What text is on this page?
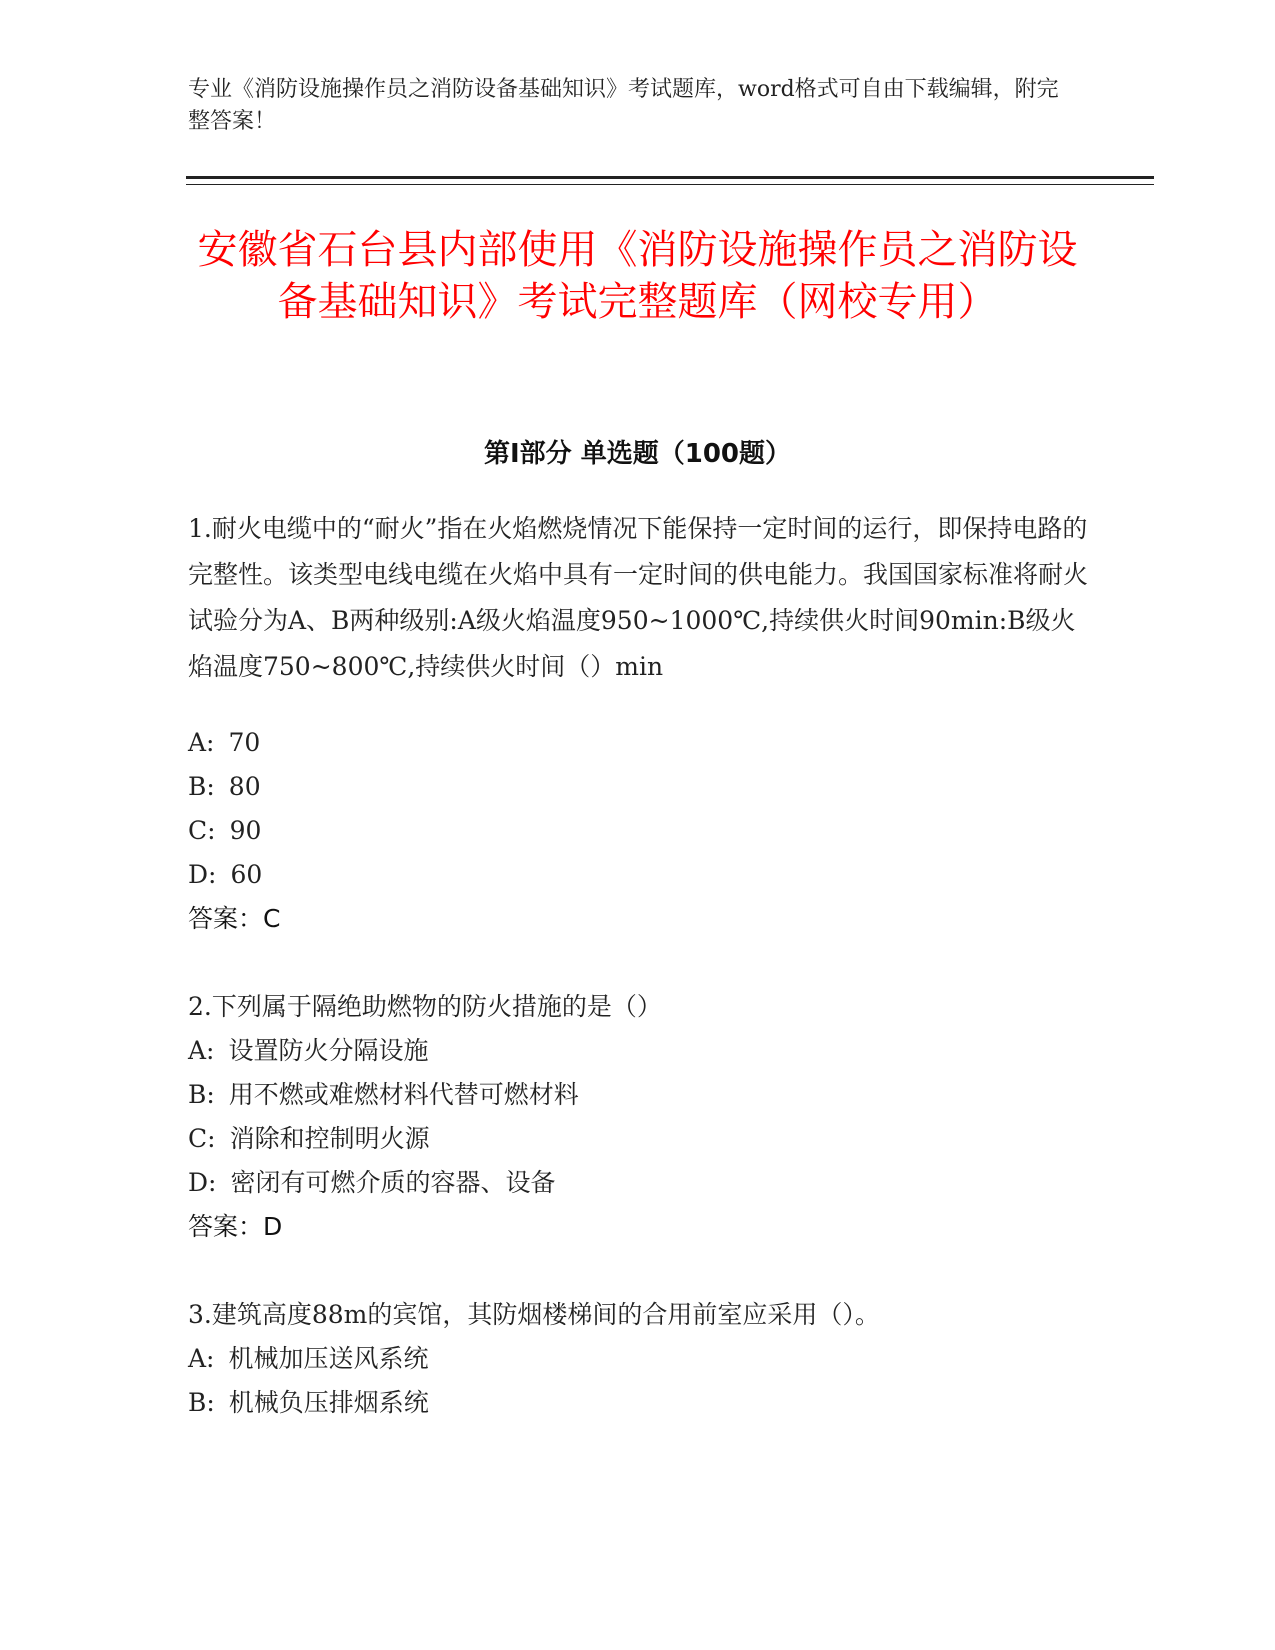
专业《消防设施操作员之消防设备基础知识》考试题库，word格式可自由下载编辑，附完整答案！

安徽省石台县内部使用《消防设施操作员之消防设备基础知识》考试完整题库（网校专用）
第I部分 单选题（100题）

1.耐火电缆中的“耐火”指在火焰燃烧情况下能保持一定时间的运行，即保持电路的完整性。该类型电线电缆在火焰中具有一定时间的供电能力。我国国家标准将耐火试验分为A、B两种级别:A级火焰温度950~1000℃,持续供火时间90min:B级火焰温度750~800℃,持续供火时间（）min

A: 70

B: 80

C: 90

D: 60

答案：C

2.下列属于隔绝助燃物的防火措施的是（）

A: 设置防火分隔设施

B: 用不燃或难燃材料代替可燃材料

C: 消除和控制明火源

D: 密闭有可燃介质的容器、设备

答案：D

3.建筑高度88m的宾馆，其防烟楼梯间的合用前室应采用（）。

A: 机械加压送风系统

B: 机械负压排烟系统
